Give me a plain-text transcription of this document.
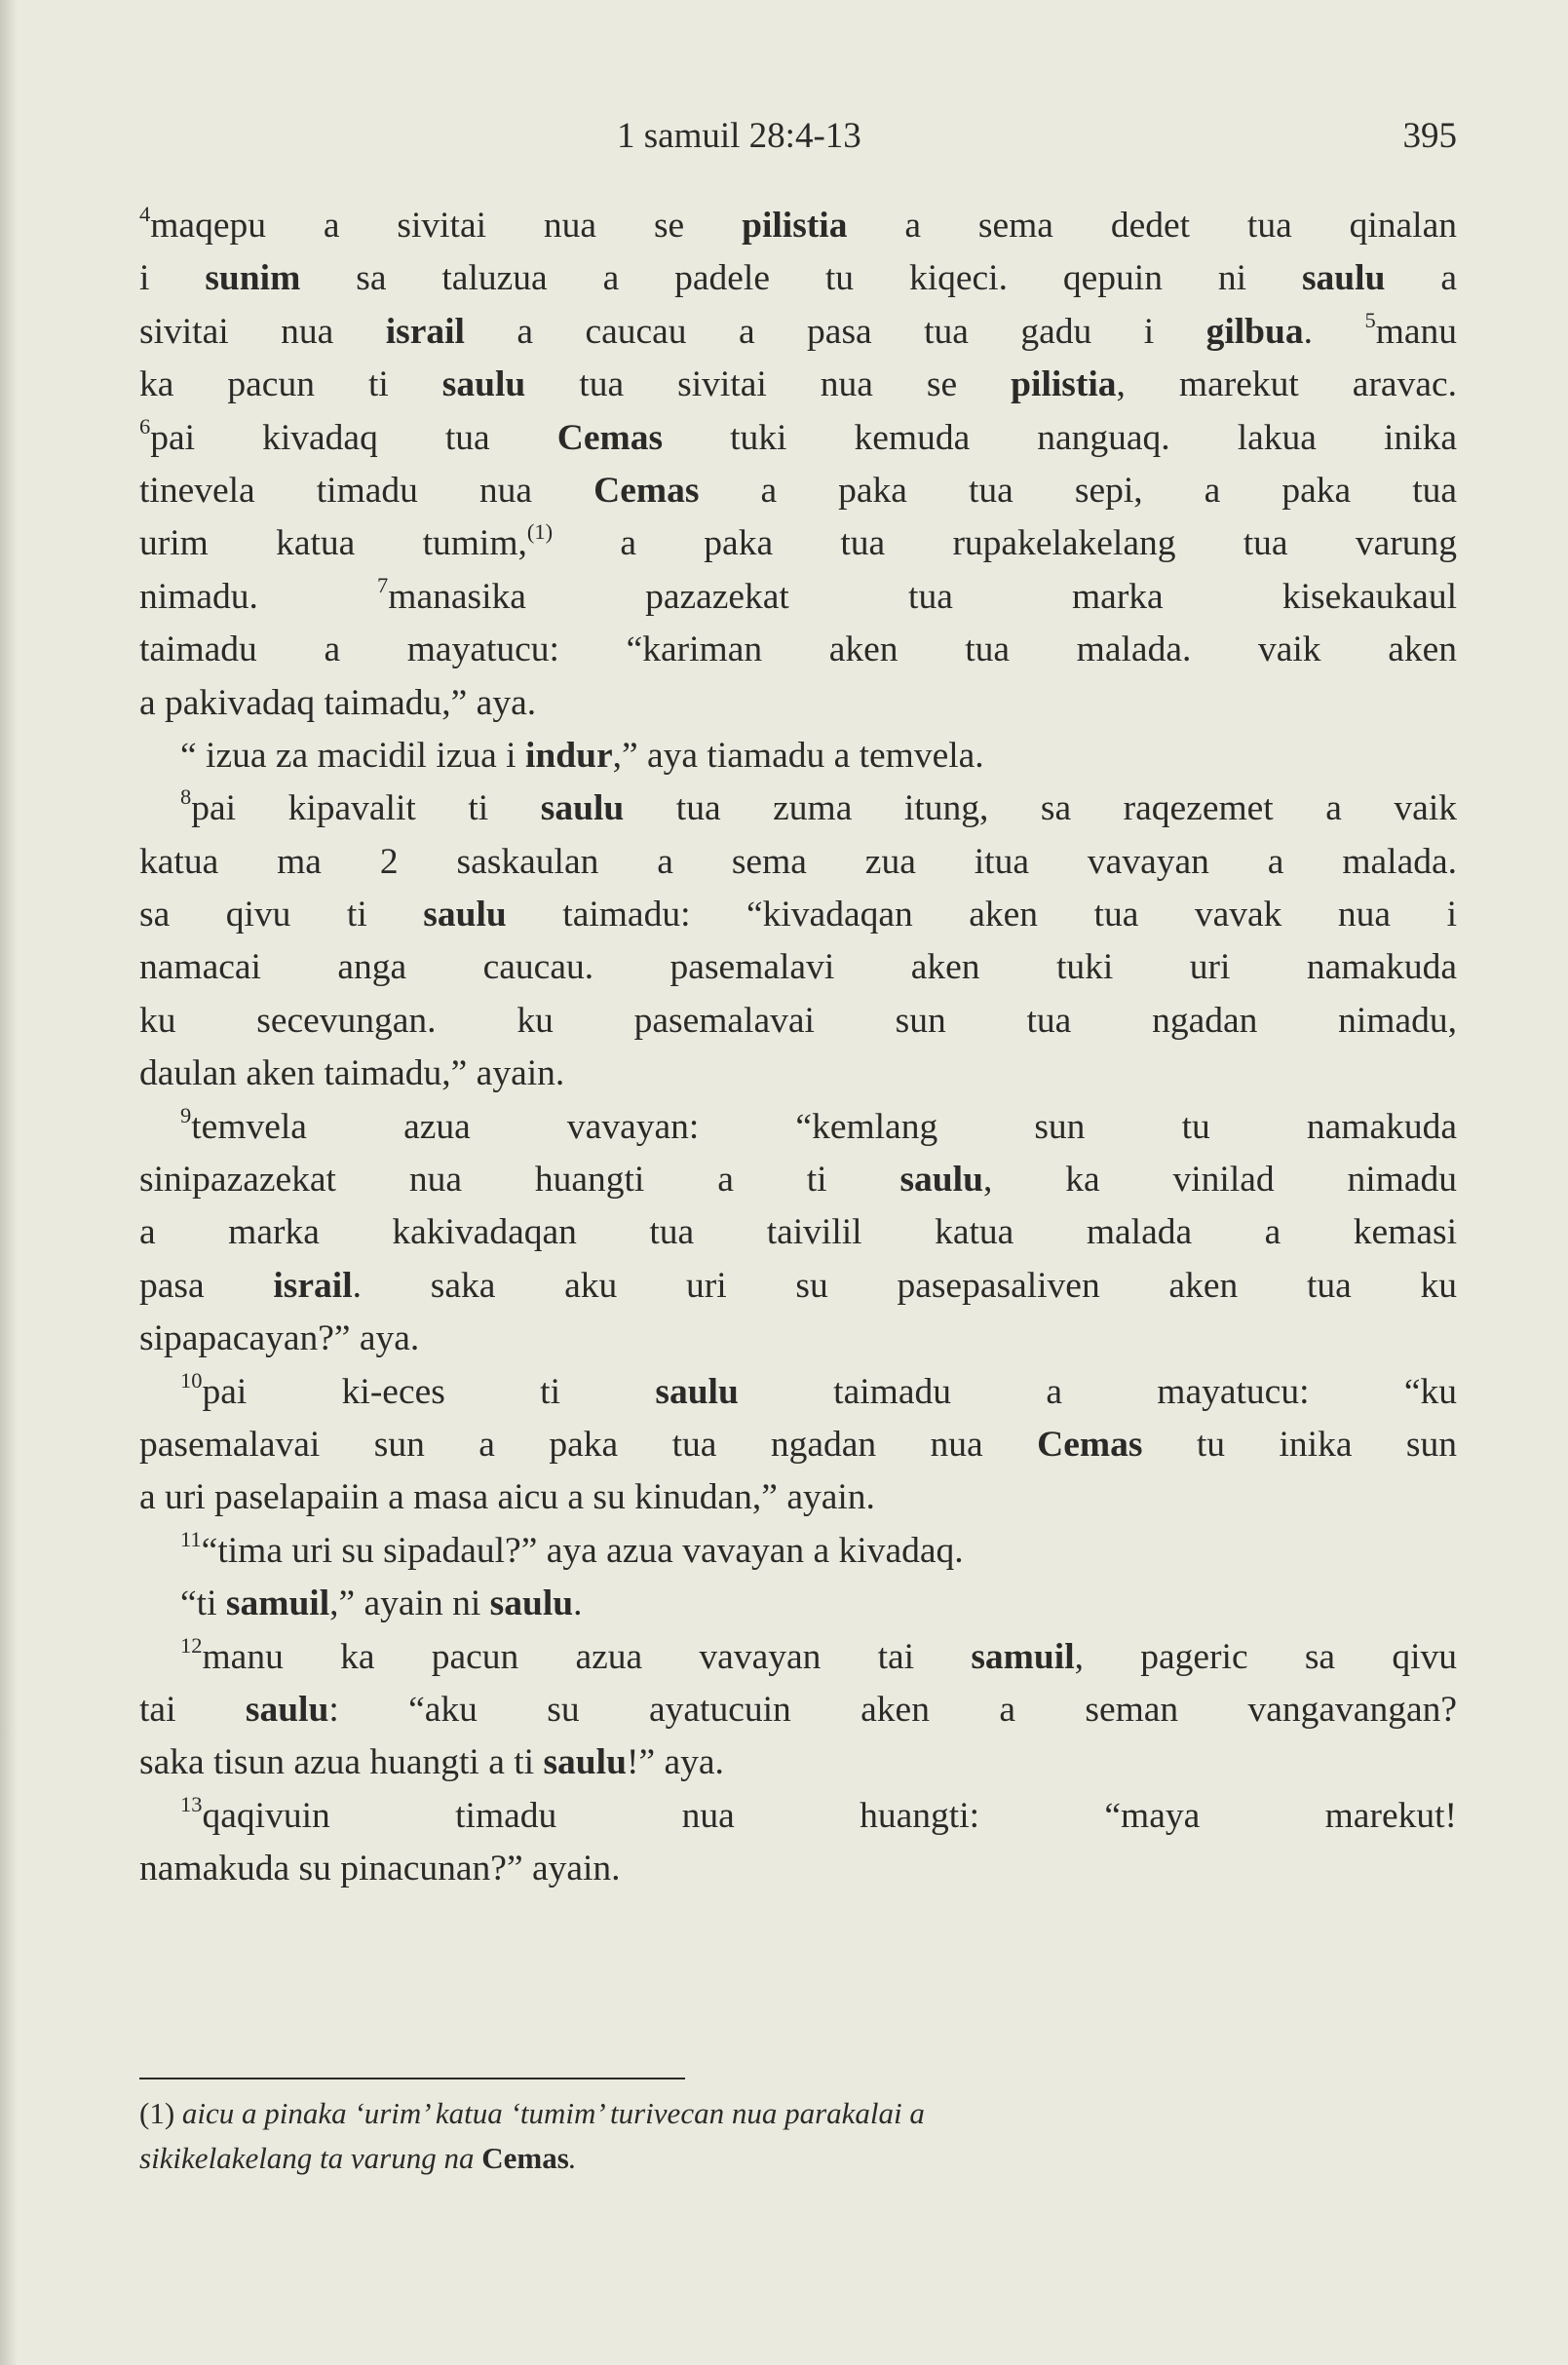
1 samuil 28:4-13	395
$^4$maqepu a sivitai nua se pilistia a sema dedet tua qinalan
i sunim sa taluzua a padele tu kiqeci. qepuin ni saulu a
sivitai nua israil a caucau a pasa tua gadu i gilbua. $^5$manu
ka pacun ti saulu tua sivitai nua se pilistia, marekut aravac.
$^6$pai kivadaq tua Cemas tuki kemuda nanguaq. lakua inika
tinevela timadu nua Cemas a paka tua sepi, a paka tua
urim katua tumim,$^{(1)}$ a paka tua rupakelakelang tua varung
nimadu. $^7$manasika pazazekat tua marka kisekaukaul
taimadu a mayatucu: “kariman aken tua malada. vaik aken
a pakivadaq taimadu,” aya.
“ izua za macidil izua i indur,” aya tiamadu a temvela.
$^8$pai kipavalit ti saulu tua zuma itung, sa raqezemet a vaik
katua ma 2 saskaulan a sema zua itua vavayan a malada.
sa qivu ti saulu taimadu: “kivadaqan aken tua vavak nua i
namacai anga caucau. pasemalavi aken tuki uri namakuda
ku secevungan. ku pasemalavai sun tua ngadan nimadu,
daulan aken taimadu,” ayain.
$^9$temvela azua vavayan: “kemlang sun tu namakuda
sinipazazekat nua huangti a ti saulu, ka vinilad nimadu
a marka kakivadaqan tua taivilil katua malada a kemasi
pasa israil. saka aku uri su pasepasaliven aken tua ku
sipapacayan?” aya.
$^{10}$pai ki-eces ti saulu taimadu a mayatucu: “ku
pasemalavai sun a paka tua ngadan nua Cemas tu inika sun
a uri paselapaiin a masa aicu a su kinudan,” ayain.
$^{11}$“tima uri su sipadaul?” aya azua vavayan a kivadaq.
“ti samuil,” ayain ni saulu.
$^{12}$manu ka pacun azua vavayan tai samuil, pageric sa qivu
tai saulu: “aku su ayatucuin aken a seman vangavangan?
saka tisun azua huangti a ti saulu!” aya.
$^{13}$qaqivuin timadu nua huangti: “maya marekut!
namakuda su pinacunan?” ayain.
(1) aicu a pinaka ‘urim’ katua ‘tumim’ turivecan nua parakalai a
sikikelakelang ta varung na Cemas.
